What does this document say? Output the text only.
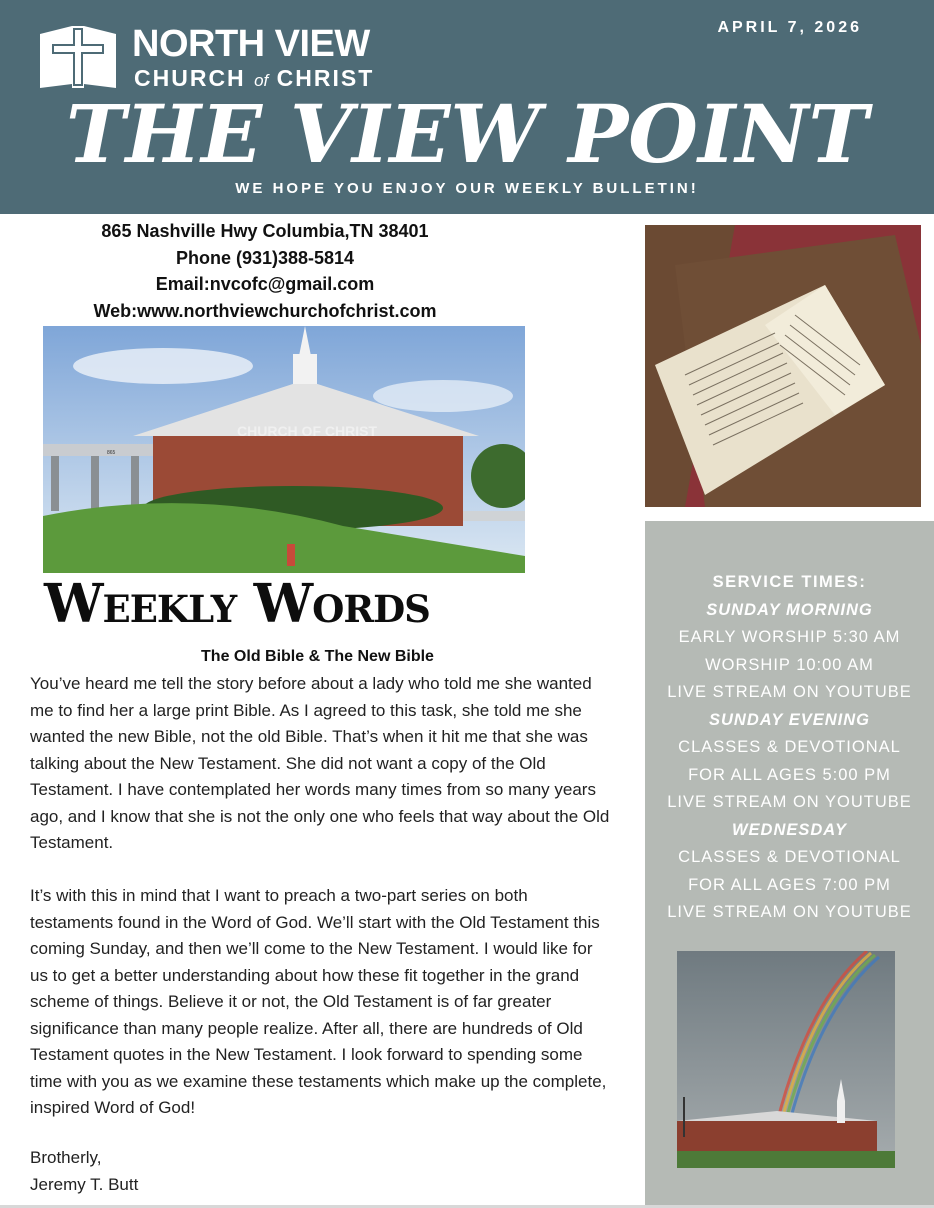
NORTH VIEW
CHURCH of CHRIST
APRIL 7, 2026
THE VIEW POINT
WE HOPE YOU ENJOY OUR WEEKLY BULLETIN!
865 Nashville Hwy Columbia,TN 38401
Phone (931)388-5814
Email:nvcofc@gmail.com
Web:www.northviewchurchofchrist.com
865
CHURCH OF CHRIST
Weekly Words
The Old Bible & The New Bible

You’ve heard me tell the story before about a lady who told me she wanted me to find her a large print Bible. As I agreed to this task, she told me she wanted the new Bible, not the old Bible. That’s when it hit me that she was talking about the New Testament. She did not want a copy of the Old Testament. I have contemplated her words many times from so many years ago, and I know that she is not the only one who feels that way about the Old Testament.

It’s with this in mind that I want to preach a two-part series on both testaments found in the Word of God. We’ll start with the Old Testament this coming Sunday, and then we’ll come to the New Testament. I would like for us to get a better understanding about how these fit together in the grand scheme of things. Believe it or not, the Old Testament is of far greater significance than many people realize. After all, there are hundreds of Old Testament quotes in the New Testament. I look forward to spending some time with you as we examine these testaments which make up the complete, inspired Word of God!

Brotherly,
Jeremy T. Butt
SERVICE TIMES:
SUNDAY MORNING
EARLY WORSHIP 5:30 AM
WORSHIP 10:00 AM
LIVE STREAM ON YOUTUBE
SUNDAY EVENING
CLASSES & DEVOTIONAL
FOR ALL AGES 5:00 PM
LIVE STREAM ON YOUTUBE
WEDNESDAY
CLASSES & DEVOTIONAL
FOR ALL AGES 7:00 PM
LIVE STREAM ON YOUTUBE
